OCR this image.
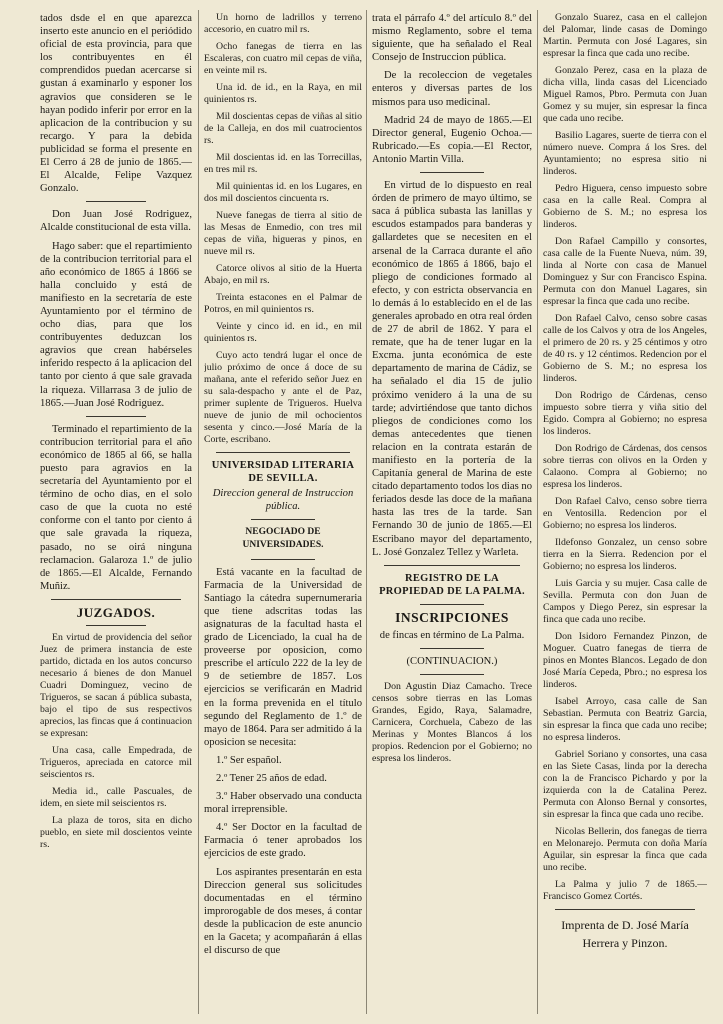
tados dsde el en que aparezca inserto este anuncio en el periódido oficial de esta provincia, para que los contribuyentes en él comprendidos puedan acercarse si gustan á examinarlo y esponer los agravios que consideren se le hayan podido inferir por error en la aplicacion de la contribucion y su recargo. Y para la debida publicidad se forma el presente en El Cerro á 28 de junio de 1865.—El Alcalde, Felipe Vazquez Gonzalo.

Don Juan José Rodriguez, Alcalde constitucional de esta villa.

Hago saber: que el repartimiento de la contribucion territorial para el año económico de 1865 á 1866 se halla concluido y está de manifiesto en la secretaría de este Ayuntamiento por el término de ocho dias, para que los contribuyentes deduzcan los agravios que crean habérseles inferido respecto á la aplicacion del tanto por ciento á que sale gravada la riqueza. Villarrasa 3 de julio de 1865.—Juan José Rodriguez.

Terminado el repartimiento de la contribucion territorial para el año económico de 1865 al 66, se halla puesto para agravios en la secretaría del Ayuntamiento por el término de ocho dias, en el solo caso de que la cuota no esté conforme con el tanto por ciento á que sale gravada la riqueza, pasado, no se oirá ninguna reclamacion. Galaroza 1.º de julio de 1865.—El Alcalde, Fernando Muñiz.

JUZGADOS.

En virtud de providencia del señor Juez de primera instancia de este partido, dictada en los autos concurso necesario á bienes de don Manuel Cuadri Dominguez, vecino de Trigueros, se sacan á pública subasta, bajo el tipo de sus respectivos aprecios, las fincas que á continuacion se expresan:

Una casa, calle Empedrada, de Trigueros, apreciada en catorce mil seiscientos rs.

Media id., calle Pascuales, de idem, en siete mil seiscientos rs.

La plaza de toros, sita en dicho pueblo, en siete mil doscientos veinte rs.

Un horno de ladrillos y terreno accesorio, en cuatro mil rs.

Ocho fanegas de tierra en las Escaleras, con cuatro mil cepas de viña, en veinte mil rs.

Una id. de id., en la Raya, en mil quinientos rs.

Mil doscientas cepas de viñas al sitio de la Calleja, en dos mil cuatrocientos rs.

Mil doscientas id. en las Torrecillas, en tres mil rs.

Mil quinientas id. en los Lugares, en dos mil doscientos cincuenta rs.

Nueve fanegas de tierra al sitio de las Mesas de Enmedio, con tres mil cepas de viña, higueras y pinos, en nueve mil rs.

Catorce olivos al sitio de la Huerta Abajo, en mil rs.

Treinta estacones en el Palmar de Potros, en mil quinientos rs.

Veinte y cinco id. en id., en mil quinientos rs.

Cuyo acto tendrá lugar el once de julio próximo de once á doce de su mañana, ante el referido señor Juez en su sala-despacho y ante el de Paz, primer suplente de Trigueros. Huelva nueve de junio de mil ochocientos sesenta y cinco.—José María de la Corte, escribano.

UNIVERSIDAD LITERARIA DE SEVILLA.

Direccion general de Instruccion pública.

NEGOCIADO DE UNIVERSIDADES.

Está vacante en la facultad de Farmacia de la Universidad de Santiago la cátedra supernumeraria que tiene adscritas todas las asignaturas de la facultad hasta el grado de Licenciado, la cual ha de proveerse por oposicion, como prescribe el artículo 222 de la ley de 9 de setiembre de 1857. Los ejercicios se verificarán en Madrid en la forma prevenida en el título segundo del Reglamento de 1.º de mayo de 1864. Para ser admitido á la oposicion se necesita:

1.º Ser español.

2.º Tener 25 años de edad.

3.º Haber observado una conducta moral irreprensible.

4.º Ser Doctor en la facultad de Farmacia ó tener aprobados los ejercicios de este grado.

Los aspirantes presentarán en esta Direccion general sus solicitudes documentadas en el término improrogable de dos meses, á contar desde la publicacion de este anuncio en la Gaceta; y acompañarán á ellas el discurso de que

trata el párrafo 4.º del artículo 8.º del mismo Reglamento, sobre el tema siguiente, que ha señalado el Real Consejo de Instruccion pública.

De la recoleccion de vegetales enteros y diversas partes de los mismos para uso medicinal.

Madrid 24 de mayo de 1865.—El Director general, Eugenio Ochoa.—Rubricado.—Es copia.—El Rector, Antonio Martin Villa.

En virtud de lo dispuesto en real órden de primero de mayo último, se saca á pública subasta las lanillas y escudos estampados para banderas y gallardetes que se necesiten en el arsenal de la Carraca durante el año económico de 1865 á 1866, bajo el pliego de condiciones formado al efecto, y con estricta observancia en lo demás á lo establecido en el de las generales aprobado en otra real órden de 27 de abril de 1862. Y para el remate, que ha de tener lugar en la Excma. junta económica de este departamento de marina de Cádiz, se ha señalado el dia 15 de julio próximo venidero á la una de su tarde; advirtiéndose que tanto dichos pliegos de condiciones como los demas antecedentes que tienen relacion en la contrata estarán de manifiesto en la portería de la Capitanía general de Marina de este citado departamento todos los dias no feriados desde las doce de la mañana hasta las tres de la tarde. San Fernando 30 de junio de 1865.—El Escribano mayor del departamento, L. José Gonzalez Tellez y Warleta.

REGISTRO DE LA PROPIEDAD DE LA PALMA.

INSCRIPCIONES

de fincas en término de La Palma.

(CONTINUACION.)

Don Agustin Diaz Camacho. Trece censos sobre tierras en las Lomas Grandes, Egido, Raya, Salamadre, Carnicera, Corchuela, Cabezo de las Merinas y Montes Blancos á los propios. Redencion por el Gobierno; no espresa los linderos.

Gonzalo Suarez, casa en el callejon del Palomar, linde casas de Domingo Martin. Permuta con José Lagares, sin espresar la finca que cada uno recibe.

Gonzalo Perez, casa en la plaza de dicha villa, linda casas del Licenciado Miguel Ramos, Pbro. Permuta con Juan Gomez y su mujer, sin espresar la finca que cada uno recibe.

Basilio Lagares, suerte de tierra con el número nueve. Compra á los Sres. del Ayuntamiento; no espresa sitio ni linderos.

Pedro Higuera, censo impuesto sobre casa en la calle Real. Compra al Gobierno de S. M.; no espresa los linderos.

Don Rafael Campillo y consortes, casa calle de la Fuente Nueva, núm. 39, linda al Norte con casa de Manuel Dominguez y Sur con Francisco Espina. Permuta con don Manuel Lagares, sin espresar la finca que cada uno recibe.

Don Rafael Calvo, censo sobre casas calle de los Calvos y otra de los Angeles, el primero de 20 rs. y 25 céntimos y otro de 40 rs. y 12 céntimos. Redencion por el Gobierno de S. M.; no espresa los linderos.

Don Rodrigo de Cárdenas, censo impuesto sobre tierra y viña sitio del Egido. Compra al Gobierno; no espresa los linderos.

Don Rodrigo de Cárdenas, dos censos sobre tierras con olivos en la Orden y Calaono. Compra al Gobierno; no espresa los linderos.

Don Rafael Calvo, censo sobre tierra en Ventosilla. Redencion por el Gobierno; no espresa los linderos.

Ildefonso Gonzalez, un censo sobre tierra en la Sierra. Redencion por el Gobierno; no espresa los linderos.

Luis Garcia y su mujer. Casa calle de Sevilla. Permuta con don Juan de Campos y Diego Perez, sin espresar la finca que cada uno recibe.

Don Isidoro Fernandez Pinzon, de Moguer. Cuatro fanegas de tierra de pinos en Montes Blancos. Legado de don José María Cepeda, Pbro.; no espresa los linderos.

Isabel Arroyo, casa calle de San Sebastian. Permuta con Beatriz Garcia, sin espresar la finca que cada uno recibe; no espresa linderos.

Gabriel Soriano y consortes, una casa en las Siete Casas, linda por la derecha con la de Francisco Pichardo y por la izquierda con la de Catalina Perez. Permuta con Alonso Bernal y consortes, sin espresar la finca que cada uno recibe.

Nicolas Bellerin, dos fanegas de tierra en Melonarejo. Permuta con doña María Aguilar, sin espresar la finca que cada uno recibe.

La Palma y julio 7 de 1865.—Francisco Gomez Cortés.

Imprenta de D. José María Herrera y Pinzon.
